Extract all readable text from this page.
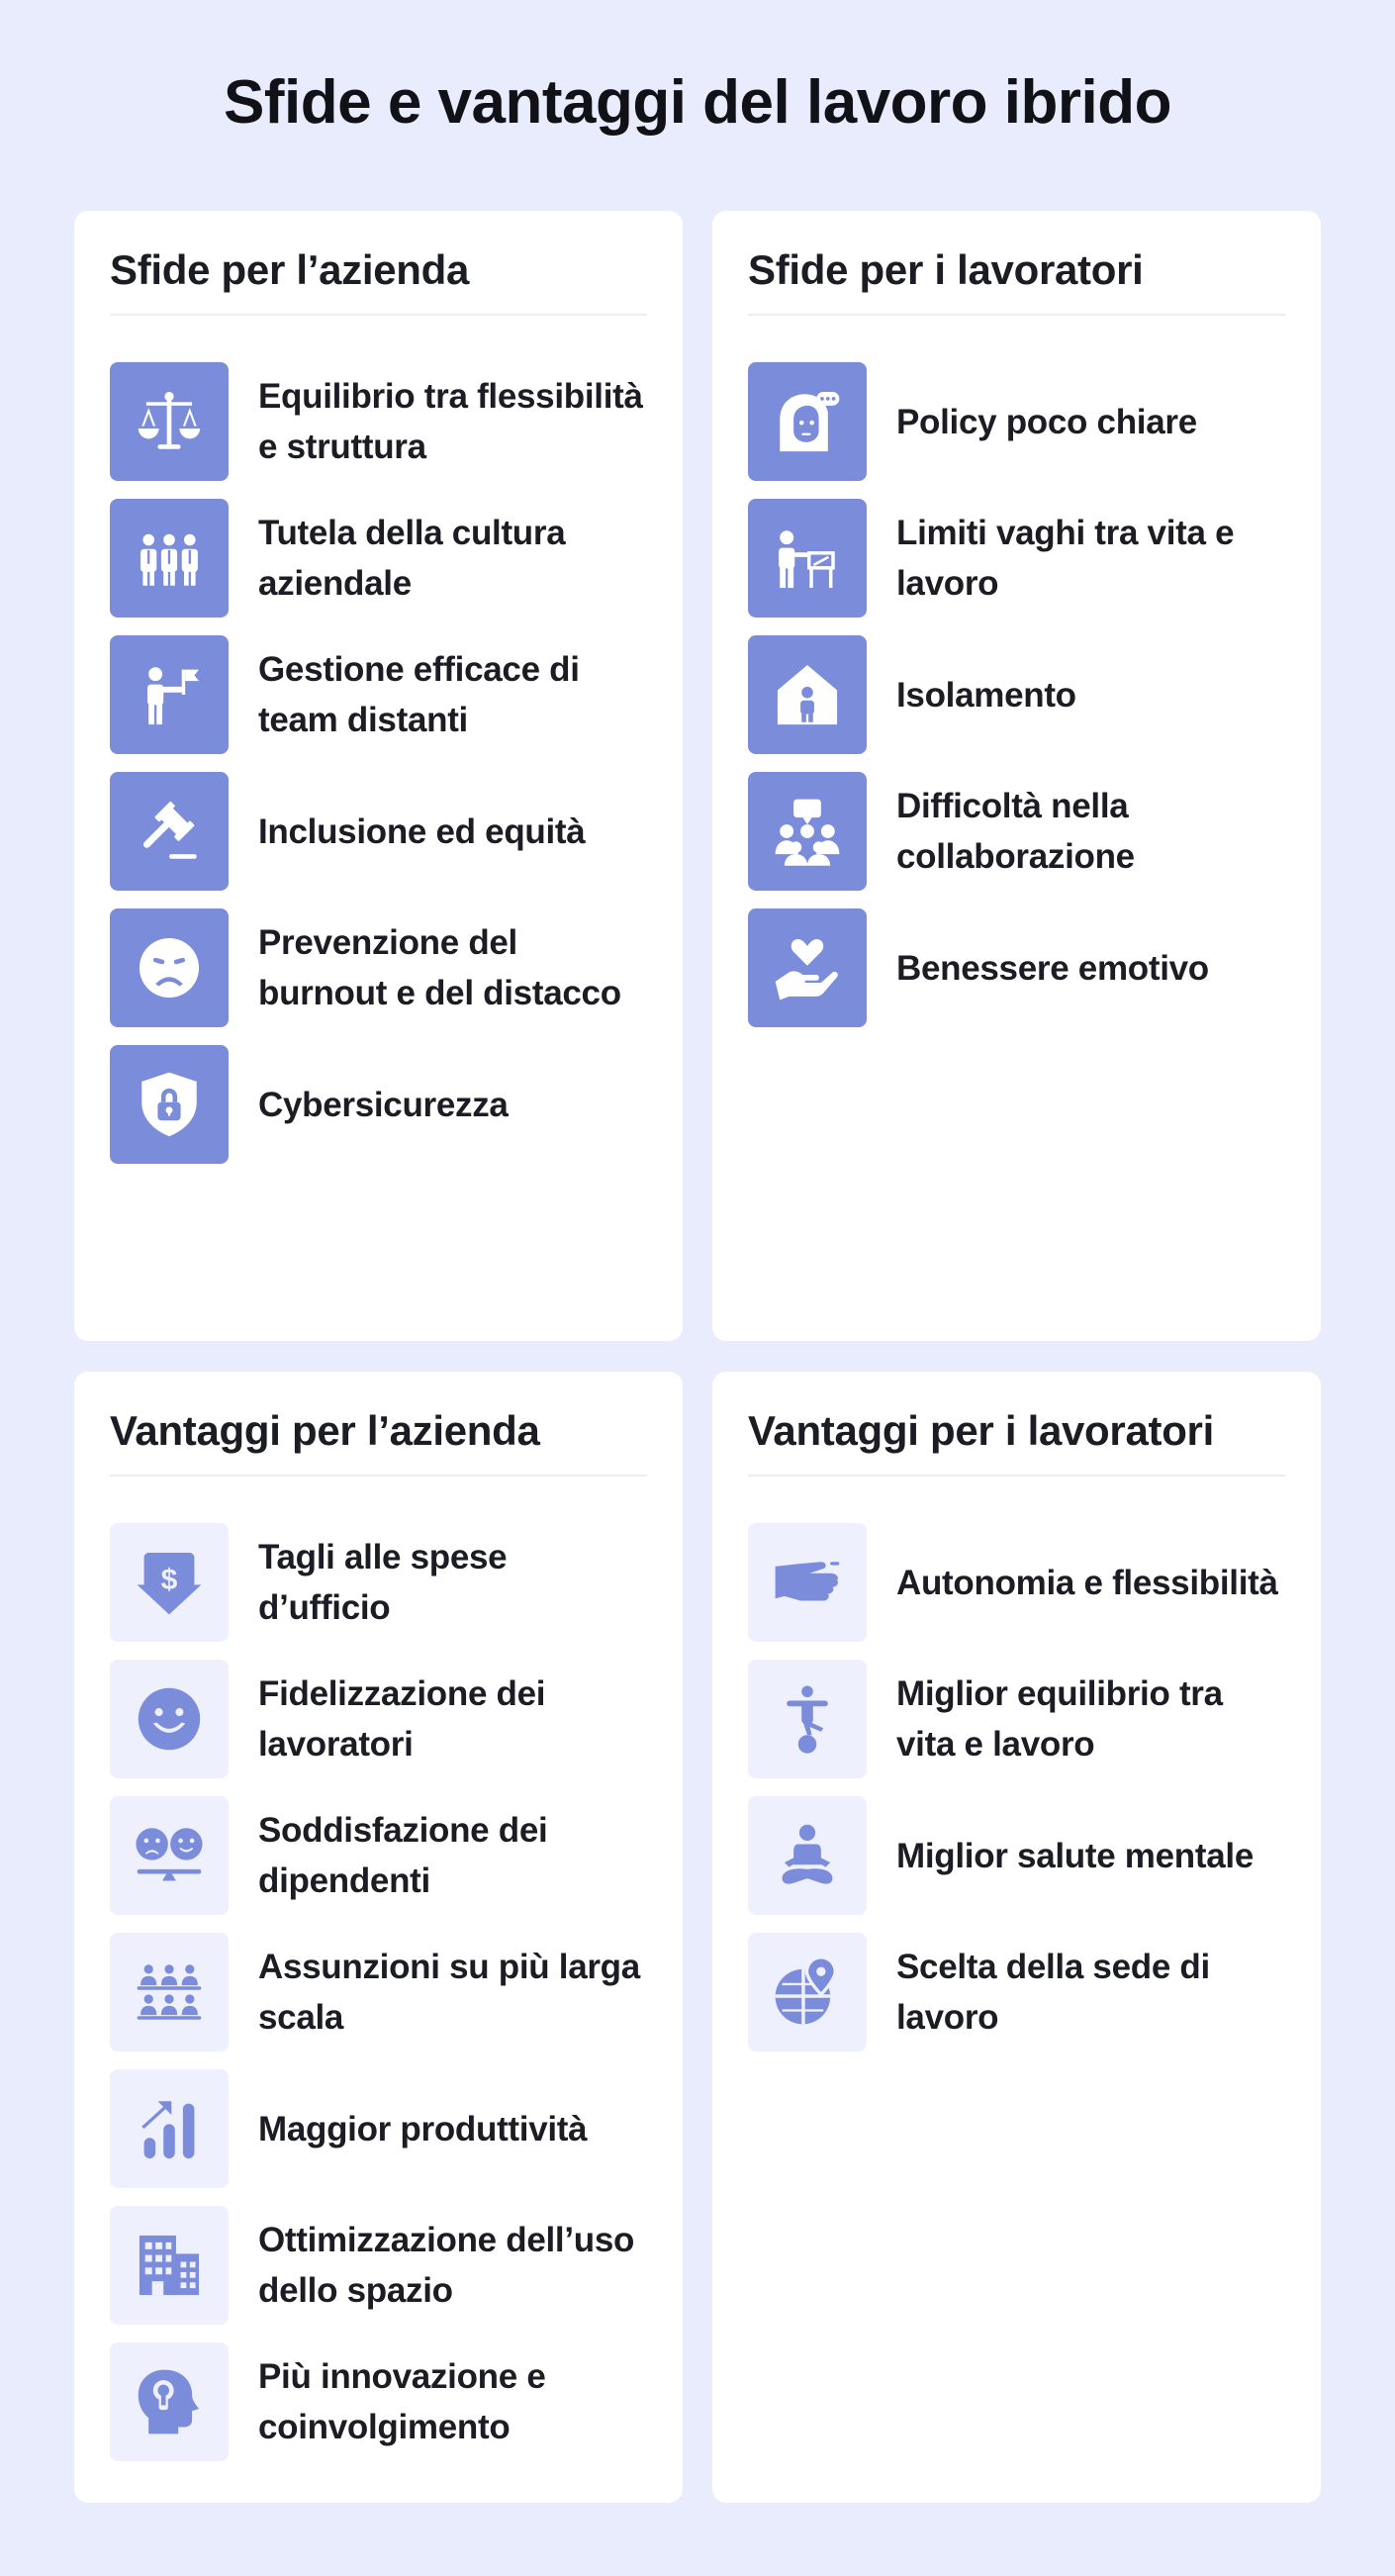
Sfide e vantaggi del lavoro ibrido
Sfide per l’azienda
Equilibrio tra flessibilità e struttura
Tutela della cultura aziendale
Gestione efficace di team distanti
Inclusione ed equità
Prevenzione del burnout e del distacco
Cybersicurezza
Sfide per i lavoratori
Policy poco chiare
Limiti vaghi tra vita e lavoro
Isolamento
Difficoltà nella collaborazione
Benessere emotivo
Vantaggi per l’azienda
$
Tagli alle spese d’ufficio
Fidelizzazione dei lavoratori
Soddisfazione dei dipendenti
Assunzioni su più larga scala
Maggior produttività
Ottimizzazione dell’uso dello spazio
Più innovazione e coinvolgimento
Vantaggi per i lavoratori
Autonomia e flessibilità
Miglior equilibrio tra vita e lavoro
Miglior salute mentale
Scelta della sede di lavoro
